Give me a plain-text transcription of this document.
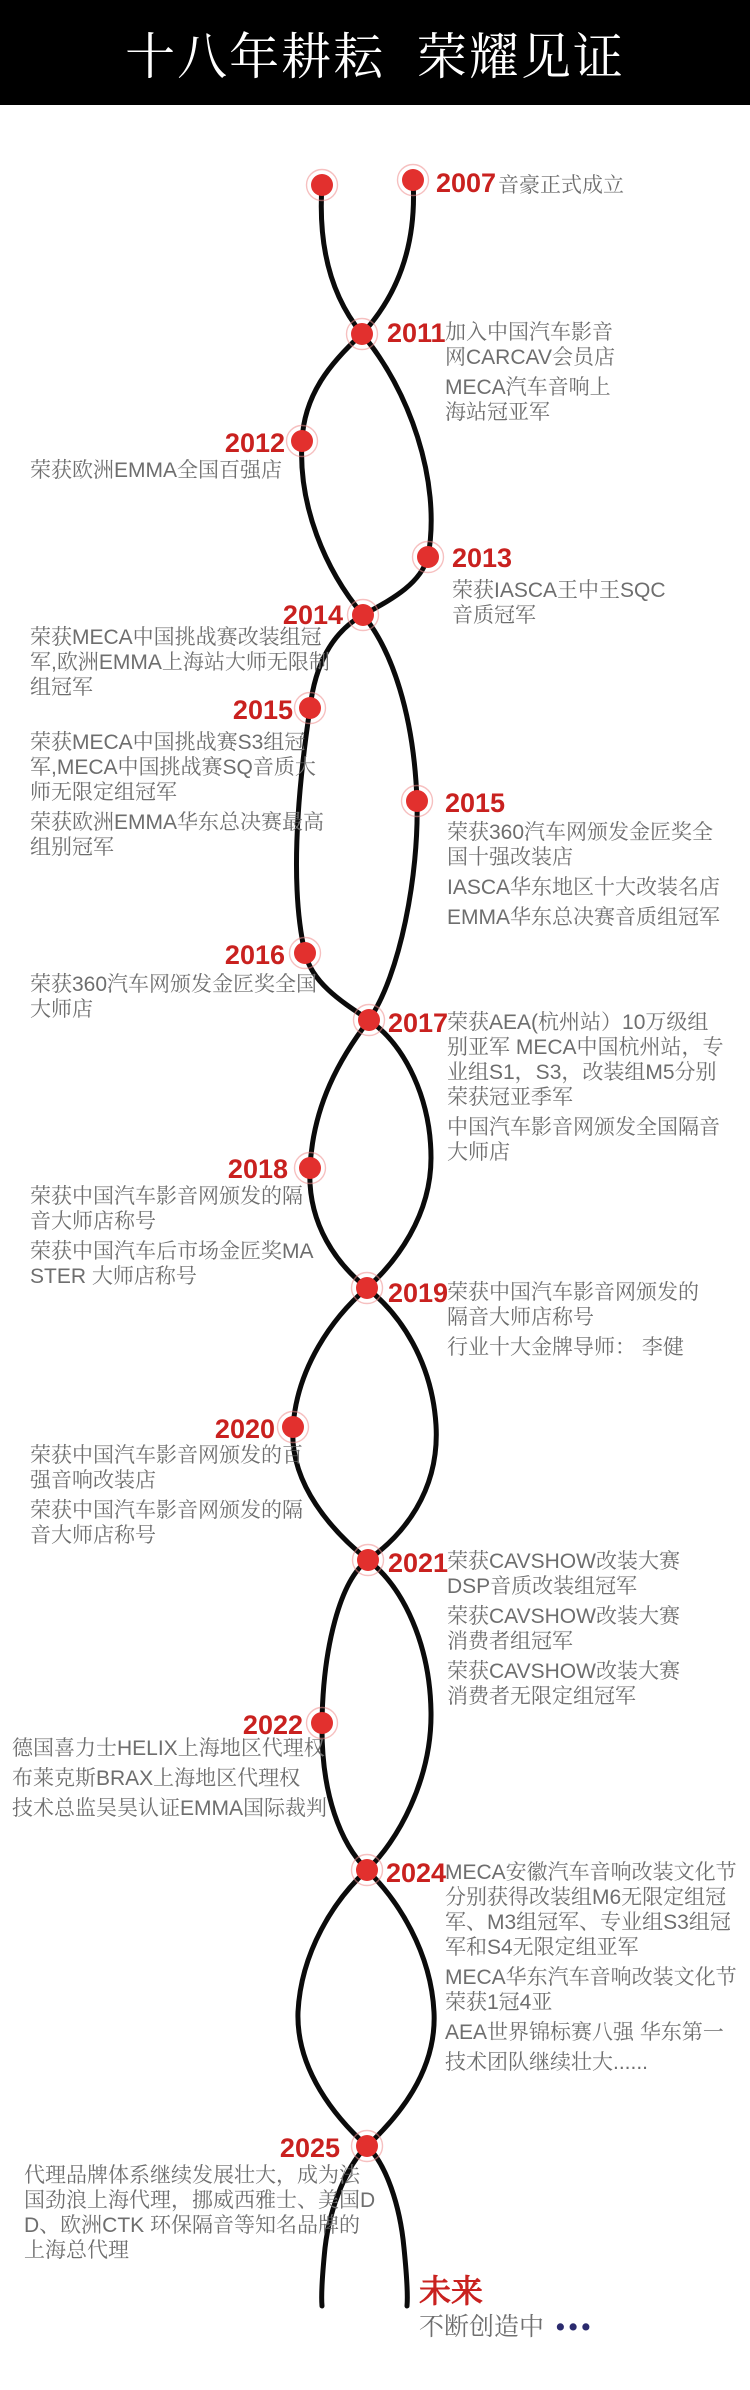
十八年耕耘  荣耀见证
2007 音豪正式成立

2011 加入中国汽车影音网CARCAV会员店

MECA汽车音响上海站冠亚军

2012

荣获欧洲EMMA全国百强店

2013

荣获IASCA王中王SQC音质冠军

2014

荣获MECA中国挑战赛改装组冠军,欧洲EMMA上海站大师无限制组冠军

2015

荣获MECA中国挑战赛S3组冠军,MECA中国挑战赛SQ音质大师无限定组冠军

荣获欧洲EMMA华东总决赛最高组别冠军

2015

荣获360汽车网颁发金匠奖全国十强改装店

IASCA华东地区十大改装名店

EMMA华东总决赛音质组冠军

2016

荣获360汽车网颁发金匠奖全国大师店	2017

荣获AEA(杭州站）10万级组别亚军 MECA中国杭州站，专业组S1，S3，改装组M5分别荣获冠亚季军

中国汽车影音网颁发全国隔音大师店

2018

荣获中国汽车影音网颁发的隔音大师店称号

荣获中国汽车后市场金匠奖MASTER 大师店称号

2019

荣获中国汽车影音网颁发的隔音大师店称号

行业十大金牌导师： 李健

2020

荣获中国汽车影音网颁发的百强音响改装店

荣获中国汽车影音网颁发的隔音大师店称号

2021

荣获CAVSHOW改装大赛DSP音质改装组冠军

荣获CAVSHOW改装大赛消费者组冠军

荣获CAVSHOW改装大赛消费者无限定组冠军

2022

德国喜力士HELIX上海地区代理权

布莱克斯BRAX上海地区代理权

技术总监吴昊认证EMMA国际裁判

2024

MECA安徽汽车音响改装文化节分别获得改装组M6无限定组冠军、M3组冠军、专业组S3组冠军和S4无限定组亚军

MECA华东汽车音响改装文化节荣获1冠4亚

AEA世界锦标赛八强 华东第一

技术团队继续壮大......

2025

代理品牌体系继续发展壮大，成为法国劲浪上海代理，挪威西雅士、美国DD、欧洲CTK 环保隔音等知名品牌的上海总代理

未来
不断创造中 •••
